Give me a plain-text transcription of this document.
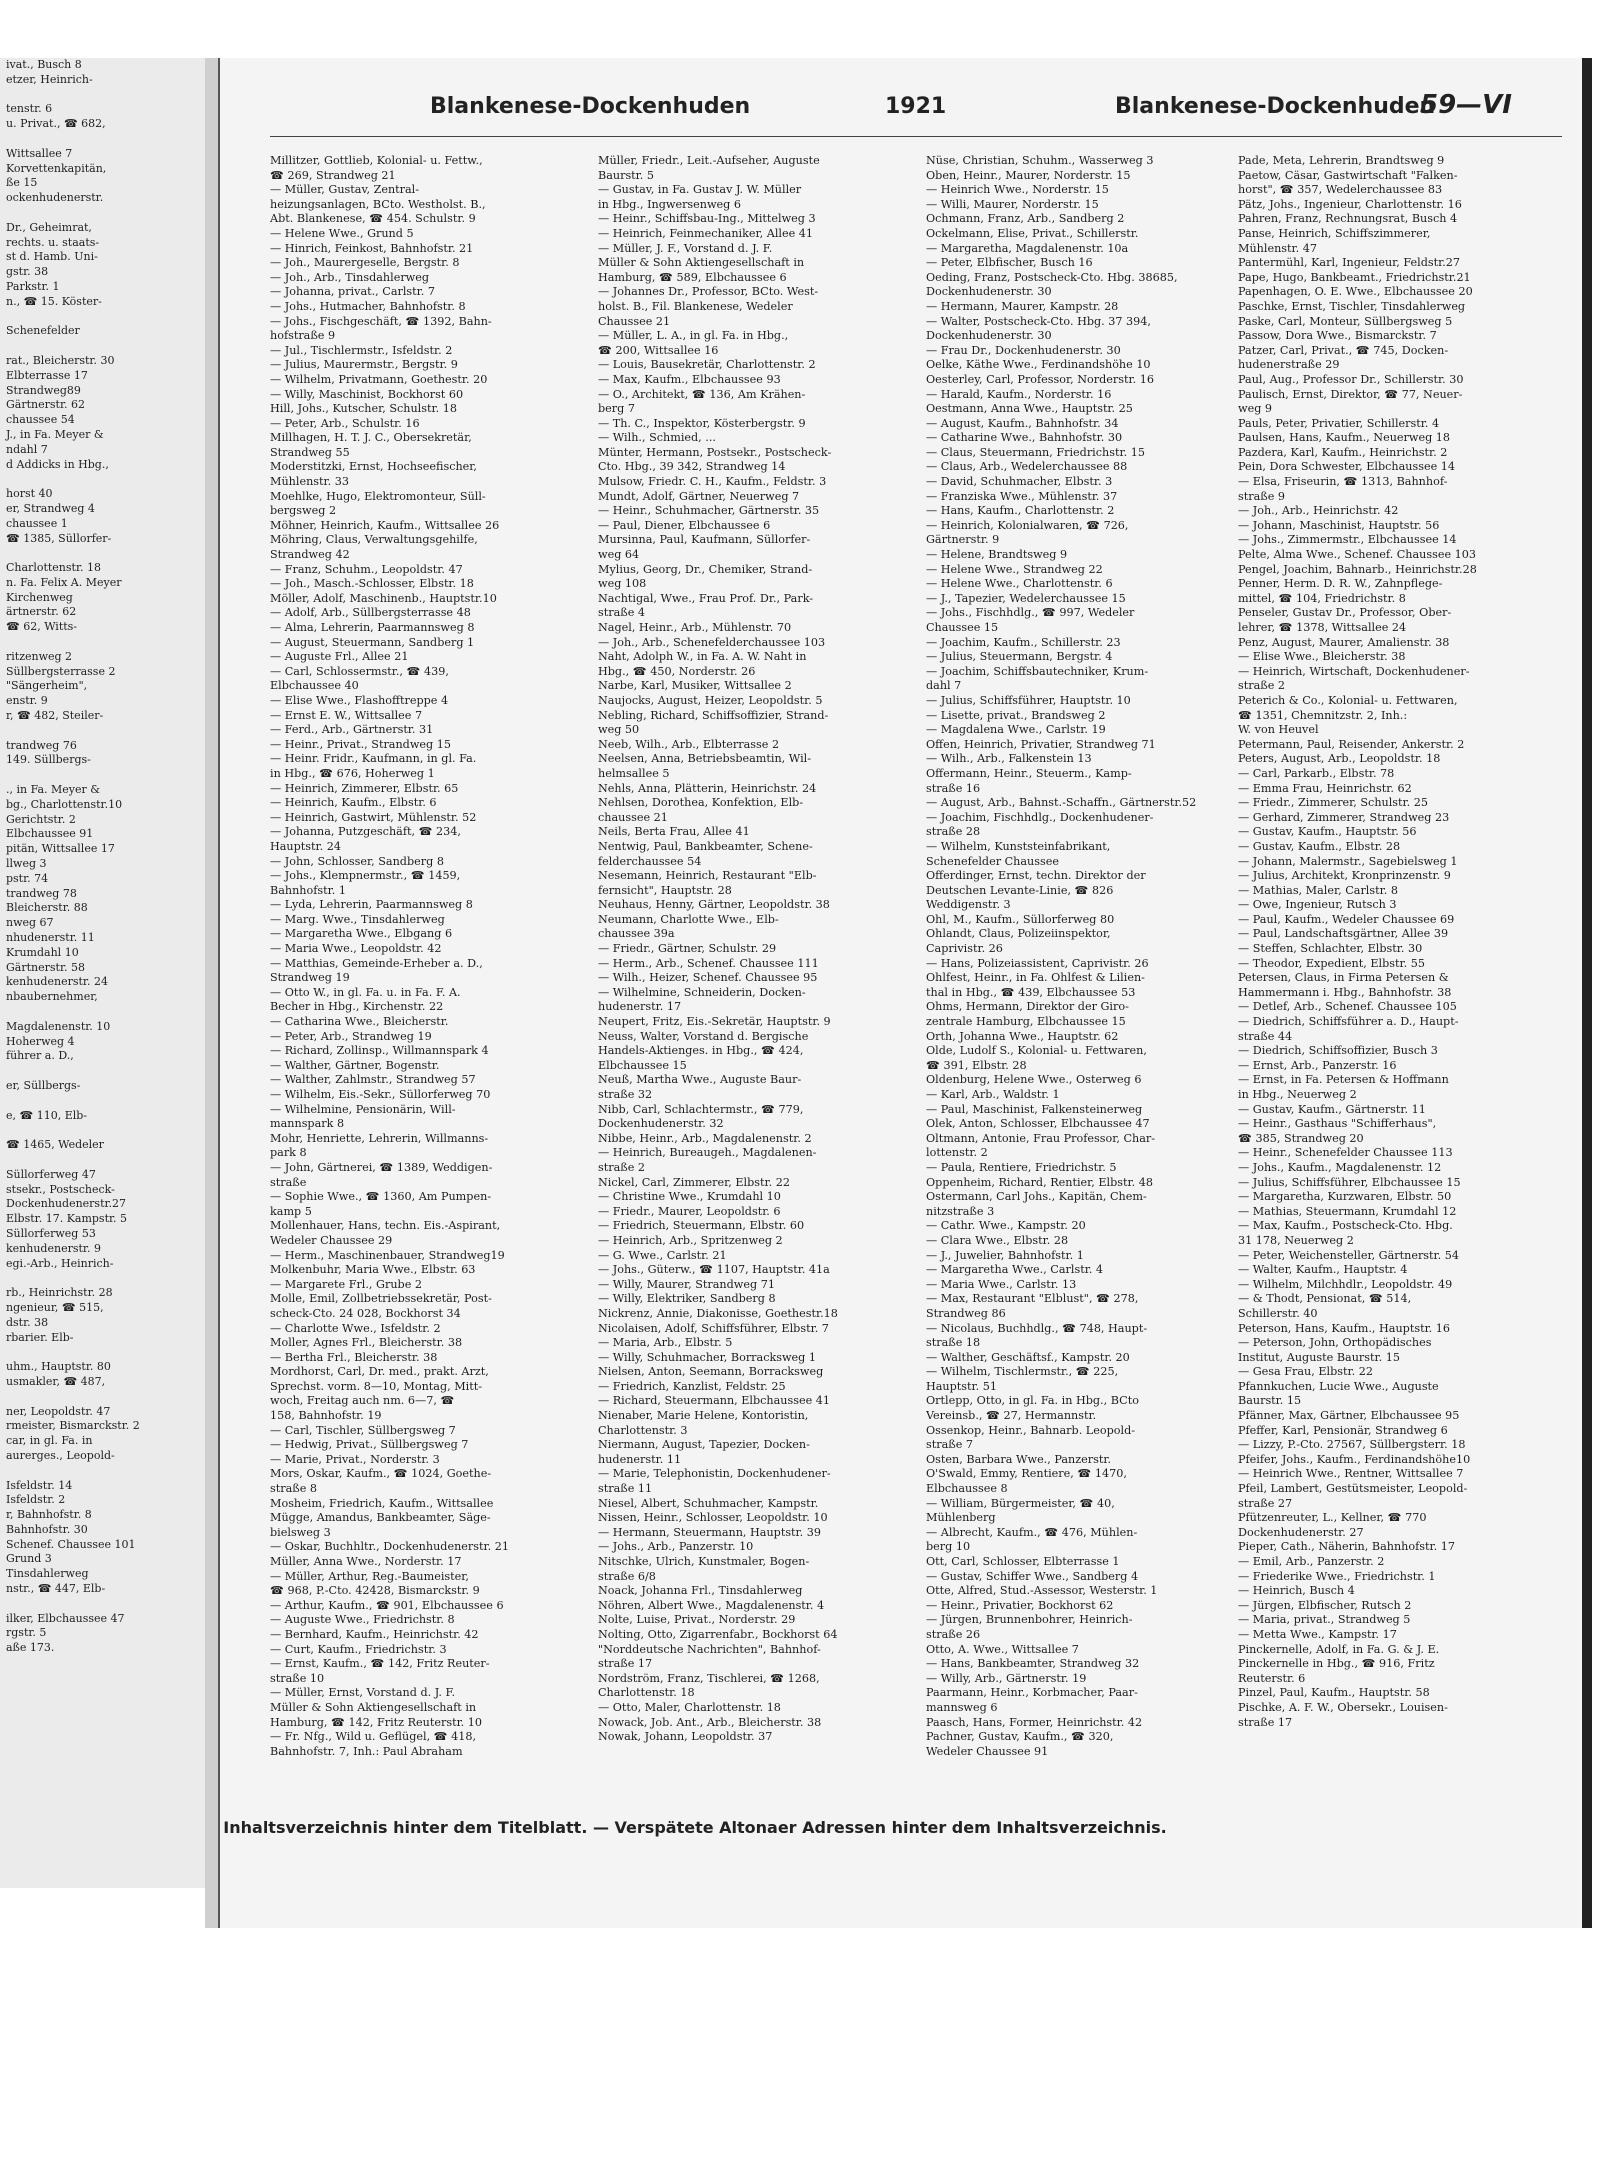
ivat., Busch 8
etzer, Heinrich-

tenstr. 6
u. Privat., ☎ 682,

Wittsallee 7
Korvettenkapitän,
ße 15
ockenhudenerstr.

Dr., Geheimrat,
rechts. u. staats-
st d. Hamb. Uni-
gstr. 38
Parkstr. 1
n., ☎ 15. Köster-

Schenefelder

rat., Bleicherstr. 30
Elbterrasse 17
Strandweg89
Gärtnerstr. 62
chaussee 54
J., in Fa. Meyer &
ndahl 7
d Addicks in Hbg.,

horst 40
er, Strandweg 4
chaussee 1
☎ 1385, Süllorfer-

Charlottenstr. 18
n. Fa. Felix A. Meyer
Kirchenweg
ärtnerstr. 62
☎ 62, Witts-

ritzenweg 2
Süllbergsterrasse 2
"Sängerheim",
enstr. 9
r, ☎ 482, Steiler-

trandweg 76
149. Süllbergs-

., in Fa. Meyer &
bg., Charlottenstr.10
Gerichtstr. 2
Elbchaussee 91
pitän, Wittsallee 17
llweg 3
pstr. 74
trandweg 78
Bleicherstr. 88
nweg 67
nhudenerstr. 11
Krumdahl 10
Gärtnerstr. 58
kenhudenerstr. 24
nbaubernehmer,

Magdalenenstr. 10
Hoherweg 4
führer a. D.,

er, Süllbergs-

e, ☎ 110, Elb-

☎ 1465, Wedeler

Süllorferweg 47
stsekr., Postscheck-
Dockenhudenerstr.27
Elbstr. 17. Kampstr. 5
Süllorferweg 53
kenhudenerstr. 9
egi.-Arb., Heinrich-

rb., Heinrichstr. 28
ngenieur, ☎ 515,
dstr. 38
rbarier. Elb-

uhm., Hauptstr. 80
usmakler, ☎ 487,

ner, Leopoldstr. 47
rmeister, Bismarckstr. 2
car, in gl. Fa. in
aurerges., Leopold-

Isfeldstr. 14
Isfeldstr. 2
r, Bahnhofstr. 8
Bahnhofstr. 30
Schenef. Chaussee 101
Grund 3
Tinsdahlerweg
nstr., ☎ 447, Elb-

ilker, Elbchaussee 47
rgstr. 5
aße 173.
Blankenese-Dockenhuden	1921	Blankenese-Dockenhuden
59—VI
Millitzer, Gottlieb, Kolonial- u. Fettw.,
☎ 269, Strandweg 21
— Müller, Gustav, Zentral-
heizungsanlagen, BCto. Westholst. B.,
Abt. Blankenese, ☎ 454. Schulstr. 9
— Helene Wwe., Grund 5
— Hinrich, Feinkost, Bahnhofstr. 21
— Joh., Maurergeselle, Bergstr. 8
— Joh., Arb., Tinsdahlerweg
— Johanna, privat., Carlstr. 7
— Johs., Hutmacher, Bahnhofstr. 8
— Johs., Fischgeschäft, ☎ 1392, Bahn-
hofstraße 9
— Jul., Tischlermstr., Isfeldstr. 2
— Julius, Maurermstr., Bergstr. 9
— Wilhelm, Privatmann, Goethestr. 20
— Willy, Maschinist, Bockhorst 60
Hill, Johs., Kutscher, Schulstr. 18
— Peter, Arb., Schulstr. 16
Millhagen, H. T. J. C., Obersekretär,
Strandweg 55
Moderstitzki, Ernst, Hochseefischer,
Mühlenstr. 33
Moehlke, Hugo, Elektromonteur, Süll-
bergsweg 2
Möhner, Heinrich, Kaufm., Wittsallee 26
Möhring, Claus, Verwaltungsgehilfe,
Strandweg 42
— Franz, Schuhm., Leopoldstr. 47
— Joh., Masch.-Schlosser, Elbstr. 18
Möller, Adolf, Maschinenb., Hauptstr.10
— Adolf, Arb., Süllbergsterrasse 48
— Alma, Lehrerin, Paarmannsweg 8
— August, Steuermann, Sandberg 1
— Auguste Frl., Allee 21
— Carl, Schlossermstr., ☎ 439,
Elbchaussee 40
— Elise Wwe., Flashofftreppe 4
— Ernst E. W., Wittsallee 7
— Ferd., Arb., Gärtnerstr. 31
— Heinr., Privat., Strandweg 15
— Heinr. Fridr., Kaufmann, in gl. Fa.
in Hbg., ☎ 676, Hoherweg 1
— Heinrich, Zimmerer, Elbstr. 65
— Heinrich, Kaufm., Elbstr. 6
— Heinrich, Gastwirt, Mühlenstr. 52
— Johanna, Putzgeschäft, ☎ 234,
Hauptstr. 24
— John, Schlosser, Sandberg 8
— Johs., Klempnermstr., ☎ 1459,
Bahnhofstr. 1
— Lyda, Lehrerin, Paarmannsweg 8
— Marg. Wwe., Tinsdahlerweg
— Margaretha Wwe., Elbgang 6
— Maria Wwe., Leopoldstr. 42
— Matthias, Gemeinde-Erheber a. D.,
Strandweg 19
— Otto W., in gl. Fa. u. in Fa. F. A.
Becher in Hbg., Kirchenstr. 22
— Catharina Wwe., Bleicherstr.
— Peter, Arb., Strandweg 19
— Richard, Zollinsp., Willmannspark 4
— Walther, Gärtner, Bogenstr.
— Walther, Zahlmstr., Strandweg 57
— Wilhelm, Eis.-Sekr., Süllorferweg 70
— Wilhelmine, Pensionärin, Will-
mannspark 8
Mohr, Henriette, Lehrerin, Willmanns-
park 8
— John, Gärtnerei, ☎ 1389, Weddigen-
straße
— Sophie Wwe., ☎ 1360, Am Pumpen-
kamp 5
Mollenhauer, Hans, techn. Eis.-Aspirant,
Wedeler Chaussee 29
— Herm., Maschinenbauer, Strandweg19
Molkenbuhr, Maria Wwe., Elbstr. 63
— Margarete Frl., Grube 2
Molle, Emil, Zollbetriebssekretär, Post-
scheck-Cto. 24 028, Bockhorst 34
— Charlotte Wwe., Isfeldstr. 2
Moller, Agnes Frl., Bleicherstr. 38
— Bertha Frl., Bleicherstr. 38
Mordhorst, Carl, Dr. med., prakt. Arzt,
Sprechst. vorm. 8—10, Montag, Mitt-
woch, Freitag auch nm. 6—7, ☎
158, Bahnhofstr. 19
— Carl, Tischler, Süllbergsweg 7
— Hedwig, Privat., Süllbergsweg 7
— Marie, Privat., Norderstr. 3
Mors, Oskar, Kaufm., ☎ 1024, Goethe-
straße 8
Mosheim, Friedrich, Kaufm., Wittsallee
Mügge, Amandus, Bankbeamter, Säge-
bielsweg 3
— Oskar, Buchhltr., Dockenhudenerstr. 21
Müller, Anna Wwe., Norderstr. 17
— Müller, Arthur, Reg.-Baumeister,
☎ 968, P.-Cto. 42428, Bismarckstr. 9
— Arthur, Kaufm., ☎ 901, Elbchaussee 6
— Auguste Wwe., Friedrichstr. 8
— Bernhard, Kaufm., Heinrichstr. 42
— Curt, Kaufm., Friedrichstr. 3
— Ernst, Kaufm., ☎ 142, Fritz Reuter-
straße 10
— Müller, Ernst, Vorstand d. J. F.
Müller & Sohn Aktiengesellschaft in
Hamburg, ☎ 142, Fritz Reuterstr. 10
— Fr. Nfg., Wild u. Geflügel, ☎ 418,
Bahnhofstr. 7, Inh.: Paul Abraham
Müller, Friedr., Leit.-Aufseher, Auguste
Baurstr. 5
— Gustav, in Fa. Gustav J. W. Müller
in Hbg., Ingwersenweg 6
— Heinr., Schiffsbau-Ing., Mittelweg 3
— Heinrich, Feinmechaniker, Allee 41
— Müller, J. F., Vorstand d. J. F.
Müller & Sohn Aktiengesellschaft in
Hamburg, ☎ 589, Elbchaussee 6
— Johannes Dr., Professor, BCto. West-
holst. B., Fil. Blankenese, Wedeler
Chaussee 21
— Müller, L. A., in gl. Fa. in Hbg.,
☎ 200, Wittsallee 16
— Louis, Bausekretär, Charlottenstr. 2
— Max, Kaufm., Elbchaussee 93
— O., Architekt, ☎ 136, Am Krähen-
berg 7
— Th. C., Inspektor, Kösterbergstr. 9
— Wilh., Schmied, ...
Münter, Hermann, Postsekr., Postscheck-
Cto. Hbg., 39 342, Strandweg 14
Mulsow, Friedr. C. H., Kaufm., Feldstr. 3
Mundt, Adolf, Gärtner, Neuerweg 7
— Heinr., Schuhmacher, Gärtnerstr. 35
— Paul, Diener, Elbchaussee 6
Mursinna, Paul, Kaufmann, Süllorfer-
weg 64
Mylius, Georg, Dr., Chemiker, Strand-
weg 108
Nachtigal, Wwe., Frau Prof. Dr., Park-
straße 4
Nagel, Heinr., Arb., Mühlenstr. 70
— Joh., Arb., Schenefelderchaussee 103
Naht, Adolph W., in Fa. A. W. Naht in
Hbg., ☎ 450, Norderstr. 26
Narbe, Karl, Musiker, Wittsallee 2
Naujocks, August, Heizer, Leopoldstr. 5
Nebling, Richard, Schiffsoffizier, Strand-
weg 50
Neeb, Wilh., Arb., Elbterrasse 2
Neelsen, Anna, Betriebsbeamtin, Wil-
helmsallee 5
Nehls, Anna, Plätterin, Heinrichstr. 24
Nehlsen, Dorothea, Konfektion, Elb-
chaussee 21
Neils, Berta Frau, Allee 41
Nentwig, Paul, Bankbeamter, Schene-
felderchaussee 54
Nesemann, Heinrich, Restaurant "Elb-
fernsicht", Hauptstr. 28
Neuhaus, Henny, Gärtner, Leopoldstr. 38
Neumann, Charlotte Wwe., Elb-
chaussee 39a
— Friedr., Gärtner, Schulstr. 29
— Herm., Arb., Schenef. Chaussee 111
— Wilh., Heizer, Schenef. Chaussee 95
— Wilhelmine, Schneiderin, Docken-
hudenerstr. 17
Neupert, Fritz, Eis.-Sekretär, Hauptstr. 9
Neuss, Walter, Vorstand d. Bergische
Handels-Aktienges. in Hbg., ☎ 424,
Elbchaussee 15
Neuß, Martha Wwe., Auguste Baur-
straße 32
Nibb, Carl, Schlachtermstr., ☎ 779,
Dockenhudenerstr. 32
Nibbe, Heinr., Arb., Magdalenenstr. 2
— Heinrich, Bureaugeh., Magdalenen-
straße 2
Nickel, Carl, Zimmerer, Elbstr. 22
— Christine Wwe., Krumdahl 10
— Friedr., Maurer, Leopoldstr. 6
— Friedrich, Steuermann, Elbstr. 60
— Heinrich, Arb., Spritzenweg 2
— G. Wwe., Carlstr. 21
— Johs., Güterw., ☎ 1107, Hauptstr. 41a
— Willy, Maurer, Strandweg 71
— Willy, Elektriker, Sandberg 8
Nickrenz, Annie, Diakonisse, Goethestr.18
Nicolaisen, Adolf, Schiffsführer, Elbstr. 7
— Maria, Arb., Elbstr. 5
— Willy, Schuhmacher, Borracksweg 1
Nielsen, Anton, Seemann, Borracksweg
— Friedrich, Kanzlist, Feldstr. 25
— Richard, Steuermann, Elbchaussee 41
Nienaber, Marie Helene, Kontoristin,
Charlottenstr. 3
Niermann, August, Tapezier, Docken-
hudenerstr. 11
— Marie, Telephonistin, Dockenhudener-
straße 11
Niesel, Albert, Schuhmacher, Kampstr.
Nissen, Heinr., Schlosser, Leopoldstr. 10
— Hermann, Steuermann, Hauptstr. 39
— Johs., Arb., Panzerstr. 10
Nitschke, Ulrich, Kunstmaler, Bogen-
straße 6/8
Noack, Johanna Frl., Tinsdahlerweg
Nöhren, Albert Wwe., Magdalenenstr. 4
Nolte, Luise, Privat., Norderstr. 29
Nolting, Otto, Zigarrenfabr., Bockhorst 64
"Norddeutsche Nachrichten", Bahnhof-
straße 17
Nordström, Franz, Tischlerei, ☎ 1268,
Charlottenstr. 18
— Otto, Maler, Charlottenstr. 18
Nowack, Job. Ant., Arb., Bleicherstr. 38
Nowak, Johann, Leopoldstr. 37
Nüse, Christian, Schuhm., Wasserweg 3
Oben, Heinr., Maurer, Norderstr. 15
— Heinrich Wwe., Norderstr. 15
— Willi, Maurer, Norderstr. 15
Ochmann, Franz, Arb., Sandberg 2
Ockelmann, Elise, Privat., Schillerstr.
— Margaretha, Magdalenenstr. 10a
— Peter, Elbfischer, Busch 16
Oeding, Franz, Postscheck-Cto. Hbg. 38685,
Dockenhudenerstr. 30
— Hermann, Maurer, Kampstr. 28
— Walter, Postscheck-Cto. Hbg. 37 394,
Dockenhudenerstr. 30
— Frau Dr., Dockenhudenerstr. 30
Oelke, Käthe Wwe., Ferdinandshöhe 10
Oesterley, Carl, Professor, Norderstr. 16
— Harald, Kaufm., Norderstr. 16
Oestmann, Anna Wwe., Hauptstr. 25
— August, Kaufm., Bahnhofstr. 34
— Catharine Wwe., Bahnhofstr. 30
— Claus, Steuermann, Friedrichstr. 15
— Claus, Arb., Wedelerchaussee 88
— David, Schuhmacher, Elbstr. 3
— Franziska Wwe., Mühlenstr. 37
— Hans, Kaufm., Charlottenstr. 2
— Heinrich, Kolonialwaren, ☎ 726,
Gärtnerstr. 9
— Helene, Brandtsweg 9
— Helene Wwe., Strandweg 22
— Helene Wwe., Charlottenstr. 6
— J., Tapezier, Wedelerchaussee 15
— Johs., Fischhdlg., ☎ 997, Wedeler
Chaussee 15
— Joachim, Kaufm., Schillerstr. 23
— Julius, Steuermann, Bergstr. 4
— Joachim, Schiffsbautechniker, Krum-
dahl 7
— Julius, Schiffsführer, Hauptstr. 10
— Lisette, privat., Brandsweg 2
— Magdalena Wwe., Carlstr. 19
Offen, Heinrich, Privatier, Strandweg 71
— Wilh., Arb., Falkenstein 13
Offermann, Heinr., Steuerm., Kamp-
straße 16
— August, Arb., Bahnst.-Schaffn., Gärtnerstr.52
— Joachim, Fischhdlg., Dockenhudener-
straße 28
— Wilhelm, Kunststeinfabrikant,
Schenefelder Chaussee
Offerdinger, Ernst, techn. Direktor der
Deutschen Levante-Linie, ☎ 826
Weddigenstr. 3
Ohl, M., Kaufm., Süllorferweg 80
Ohlandt, Claus, Polizeiinspektor,
Caprivistr. 26
— Hans, Polizeiassistent, Caprivistr. 26
Ohlfest, Heinr., in Fa. Ohlfest & Lilien-
thal in Hbg., ☎ 439, Elbchaussee 53
Ohms, Hermann, Direktor der Giro-
zentrale Hamburg, Elbchaussee 15
Orth, Johanna Wwe., Hauptstr. 62
Olde, Ludolf S., Kolonial- u. Fettwaren,
☎ 391, Elbstr. 28
Oldenburg, Helene Wwe., Osterweg 6
— Karl, Arb., Waldstr. 1
— Paul, Maschinist, Falkensteinerweg
Olek, Anton, Schlosser, Elbchaussee 47
Oltmann, Antonie, Frau Professor, Char-
lottenstr. 2
— Paula, Rentiere, Friedrichstr. 5
Oppenheim, Richard, Rentier, Elbstr. 48
Ostermann, Carl Johs., Kapitän, Chem-
nitzstraße 3
— Cathr. Wwe., Kampstr. 20
— Clara Wwe., Elbstr. 28
— J., Juwelier, Bahnhofstr. 1
— Margaretha Wwe., Carlstr. 4
— Maria Wwe., Carlstr. 13
— Max, Restaurant "Elblust", ☎ 278,
Strandweg 86
— Nicolaus, Buchhdlg., ☎ 748, Haupt-
straße 18
— Walther, Geschäftsf., Kampstr. 20
— Wilhelm, Tischlermstr., ☎ 225,
Hauptstr. 51
Ortlepp, Otto, in gl. Fa. in Hbg., BCto
Vereinsb., ☎ 27, Hermannstr.
Ossenkop, Heinr., Bahnarb. Leopold-
straße 7
Osten, Barbara Wwe., Panzerstr.
O'Swald, Emmy, Rentiere, ☎ 1470,
Elbchaussee 8
— William, Bürgermeister, ☎ 40,
Mühlenberg
— Albrecht, Kaufm., ☎ 476, Mühlen-
berg 10
Ott, Carl, Schlosser, Elbterrasse 1
— Gustav, Schiffer Wwe., Sandberg 4
Otte, Alfred, Stud.-Assessor, Westerstr. 1
— Heinr., Privatier, Bockhorst 62
— Jürgen, Brunnenbohrer, Heinrich-
straße 26
Otto, A. Wwe., Wittsallee 7
— Hans, Bankbeamter, Strandweg 32
— Willy, Arb., Gärtnerstr. 19
Paarmann, Heinr., Korbmacher, Paar-
mannsweg 6
Paasch, Hans, Former, Heinrichstr. 42
Pachner, Gustav, Kaufm., ☎ 320,
Wedeler Chaussee 91
Pade, Meta, Lehrerin, Brandtsweg 9
Paetow, Cäsar, Gastwirtschaft "Falken-
horst", ☎ 357, Wedelerchaussee 83
Pätz, Johs., Ingenieur, Charlottenstr. 16
Pahren, Franz, Rechnungsrat, Busch 4
Panse, Heinrich, Schiffszimmerer,
Mühlenstr. 47
Pantermühl, Karl, Ingenieur, Feldstr.27
Pape, Hugo, Bankbeamt., Friedrichstr.21
Papenhagen, O. E. Wwe., Elbchaussee 20
Paschke, Ernst, Tischler, Tinsdahlerweg
Paske, Carl, Monteur, Süllbergsweg 5
Passow, Dora Wwe., Bismarckstr. 7
Patzer, Carl, Privat., ☎ 745, Docken-
hudenerstraße 29
Paul, Aug., Professor Dr., Schillerstr. 30
Paulisch, Ernst, Direktor, ☎ 77, Neuer-
weg 9
Pauls, Peter, Privatier, Schillerstr. 4
Paulsen, Hans, Kaufm., Neuerweg 18
Pazdera, Karl, Kaufm., Heinrichstr. 2
Pein, Dora Schwester, Elbchaussee 14
— Elsa, Friseurin, ☎ 1313, Bahnhof-
straße 9
— Joh., Arb., Heinrichstr. 42
— Johann, Maschinist, Hauptstr. 56
— Johs., Zimmermstr., Elbchaussee 14
Pelte, Alma Wwe., Schenef. Chaussee 103
Pengel, Joachim, Bahnarb., Heinrichstr.28
Penner, Herm. D. R. W., Zahnpflege-
mittel, ☎ 104, Friedrichstr. 8
Penseler, Gustav Dr., Professor, Ober-
lehrer, ☎ 1378, Wittsallee 24
Penz, August, Maurer, Amalienstr. 38
— Elise Wwe., Bleicherstr. 38
— Heinrich, Wirtschaft, Dockenhudener-
straße 2
Peterich & Co., Kolonial- u. Fettwaren,
☎ 1351, Chemnitzstr. 2, Inh.:
W. von Heuvel
Petermann, Paul, Reisender, Ankerstr. 2
Peters, August, Arb., Leopoldstr. 18
— Carl, Parkarb., Elbstr. 78
— Emma Frau, Heinrichstr. 62
— Friedr., Zimmerer, Schulstr. 25
— Gerhard, Zimmerer, Strandweg 23
— Gustav, Kaufm., Hauptstr. 56
— Gustav, Kaufm., Elbstr. 28
— Johann, Malermstr., Sagebielsweg 1
— Julius, Architekt, Kronprinzenstr. 9
— Mathias, Maler, Carlstr. 8
— Owe, Ingenieur, Rutsch 3
— Paul, Kaufm., Wedeler Chaussee 69
— Paul, Landschaftsgärtner, Allee 39
— Steffen, Schlachter, Elbstr. 30
— Theodor, Expedient, Elbstr. 55
Petersen, Claus, in Firma Petersen &
Hammermann i. Hbg., Bahnhofstr. 38
— Detlef, Arb., Schenef. Chaussee 105
— Diedrich, Schiffsführer a. D., Haupt-
straße 44
— Diedrich, Schiffsoffizier, Busch 3
— Ernst, Arb., Panzerstr. 16
— Ernst, in Fa. Petersen & Hoffmann
in Hbg., Neuerweg 2
— Gustav, Kaufm., Gärtnerstr. 11
— Heinr., Gasthaus "Schifferhaus",
☎ 385, Strandweg 20
— Heinr., Schenefelder Chaussee 113
— Johs., Kaufm., Magdalenenstr. 12
— Julius, Schiffsführer, Elbchaussee 15
— Margaretha, Kurzwaren, Elbstr. 50
— Mathias, Steuermann, Krumdahl 12
— Max, Kaufm., Postscheck-Cto. Hbg.
31 178, Neuerweg 2
— Peter, Weichensteller, Gärtnerstr. 54
— Walter, Kaufm., Hauptstr. 4
— Wilhelm, Milchhdlr., Leopoldstr. 49
— & Thodt, Pensionat, ☎ 514,
Schillerstr. 40
Peterson, Hans, Kaufm., Hauptstr. 16
— Peterson, John, Orthopädisches
Institut, Auguste Baurstr. 15
— Gesa Frau, Elbstr. 22
Pfannkuchen, Lucie Wwe., Auguste
Baurstr. 15
Pfänner, Max, Gärtner, Elbchaussee 95
Pfeffer, Karl, Pensionär, Strandweg 6
— Lizzy, P.-Cto. 27567, Süllbergsterr. 18
Pfeifer, Johs., Kaufm., Ferdinandshöhe10
— Heinrich Wwe., Rentner, Wittsallee 7
Pfeil, Lambert, Gestütsmeister, Leopold-
straße 27
Pfützenreuter, L., Kellner, ☎ 770
Dockenhudenerstr. 27
Pieper, Cath., Näherin, Bahnhofstr. 17
— Emil, Arb., Panzerstr. 2
— Friederike Wwe., Friedrichstr. 1
— Heinrich, Busch 4
— Jürgen, Elbfischer, Rutsch 2
— Maria, privat., Strandweg 5
— Metta Wwe., Kampstr. 17
Pinckernelle, Adolf, in Fa. G. & J. E.
Pinckernelle in Hbg., ☎ 916, Fritz
Reuterstr. 6
Pinzel, Paul, Kaufm., Hauptstr. 58
Pischke, A. F. W., Obersekr., Louisen-
straße 17
Inhaltsverzeichnis hinter dem Titelblatt. — Verspätete Altonaer Adressen hinter dem Inhaltsverzeichnis.
